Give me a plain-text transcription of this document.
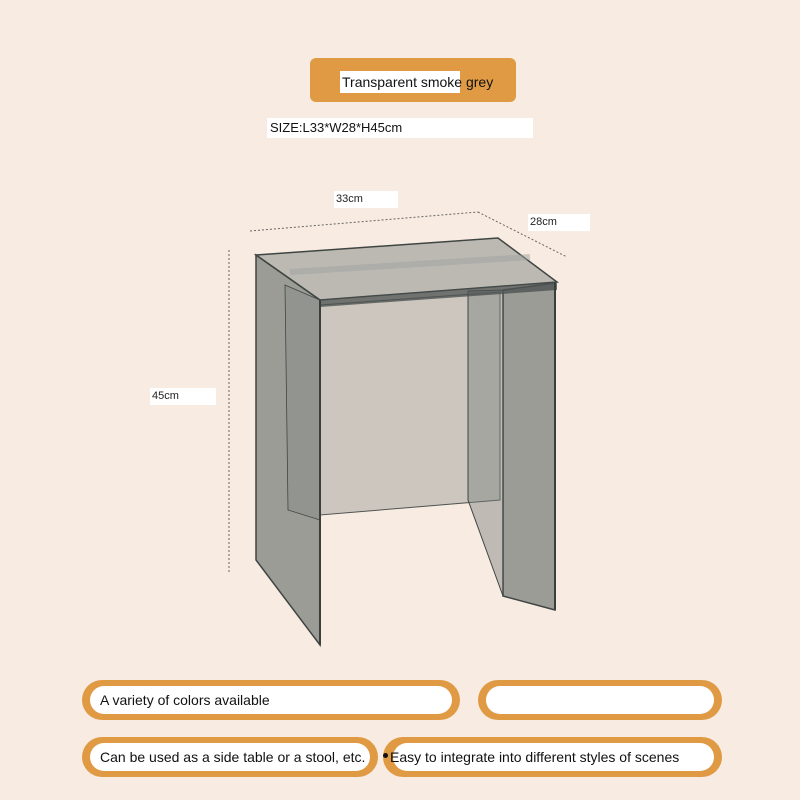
Transparent smoke grey
SIZE:L33*W28*H45cm
33cm
28cm
45cm
A variety of colors available
Can be used as a side table or a stool, etc. Easy to integrate into different styles of scenes
